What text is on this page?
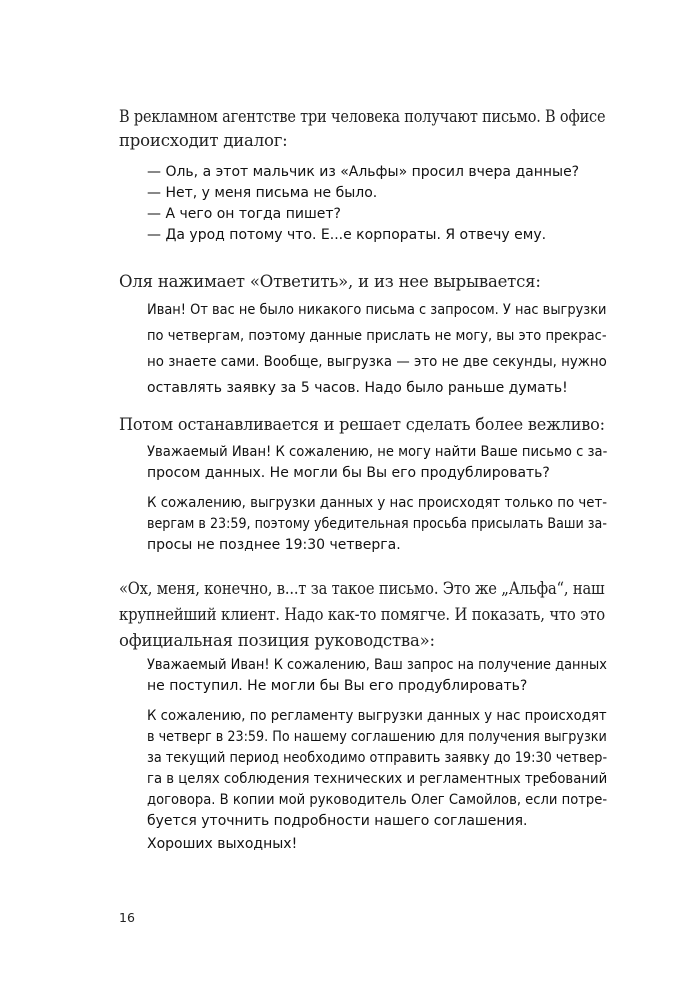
В рекламном агентстве три человека получают письмо. В офисе
происходит диалог:
— Оль, а этот мальчик из «Альфы» просил вчера данные?
— Нет, у меня письма не было.
— А чего он тогда пишет?
— Да урод потому что. Е...е корпораты. Я отвечу ему.
Оля нажимает «Ответить», и из нее вырывается:
Иван! От вас не было никакого письма с запросом. У нас выгрузки
по четвергам, поэтому данные прислать не могу, вы это прекрас-
но знаете сами. Вообще, выгрузка — это не две секунды, нужно
оставлять заявку за 5 часов. Надо было раньше думать!
Потом останавливается и решает сделать более вежливо:
Уважаемый Иван! К сожалению, не могу найти Ваше письмо с за-
просом данных. Не могли бы Вы его продублировать?
К сожалению, выгрузки данных у нас происходят только по чет-
вергам в 23:59, поэтому убедительная просьба присылать Ваши за-
просы не позднее 19:30 четверга.
«Ох, меня, конечно, в...т за такое письмо. Это же „Альфа“, наш
крупнейший клиент. Надо как-то помягче. И показать, что это
официальная позиция руководства»:
Уважаемый Иван! К сожалению, Ваш запрос на получение данных
не поступил. Не могли бы Вы его продублировать?
К сожалению, по регламенту выгрузки данных у нас происходят
в четверг в 23:59. По нашему соглашению для получения выгрузки
за текущий период необходимо отправить заявку до 19:30 четвер-
га в целях соблюдения технических и регламентных требований
договора. В копии мой руководитель Олег Самойлов, если потре-
буется уточнить подробности нашего соглашения.
Хороших выходных!
16
